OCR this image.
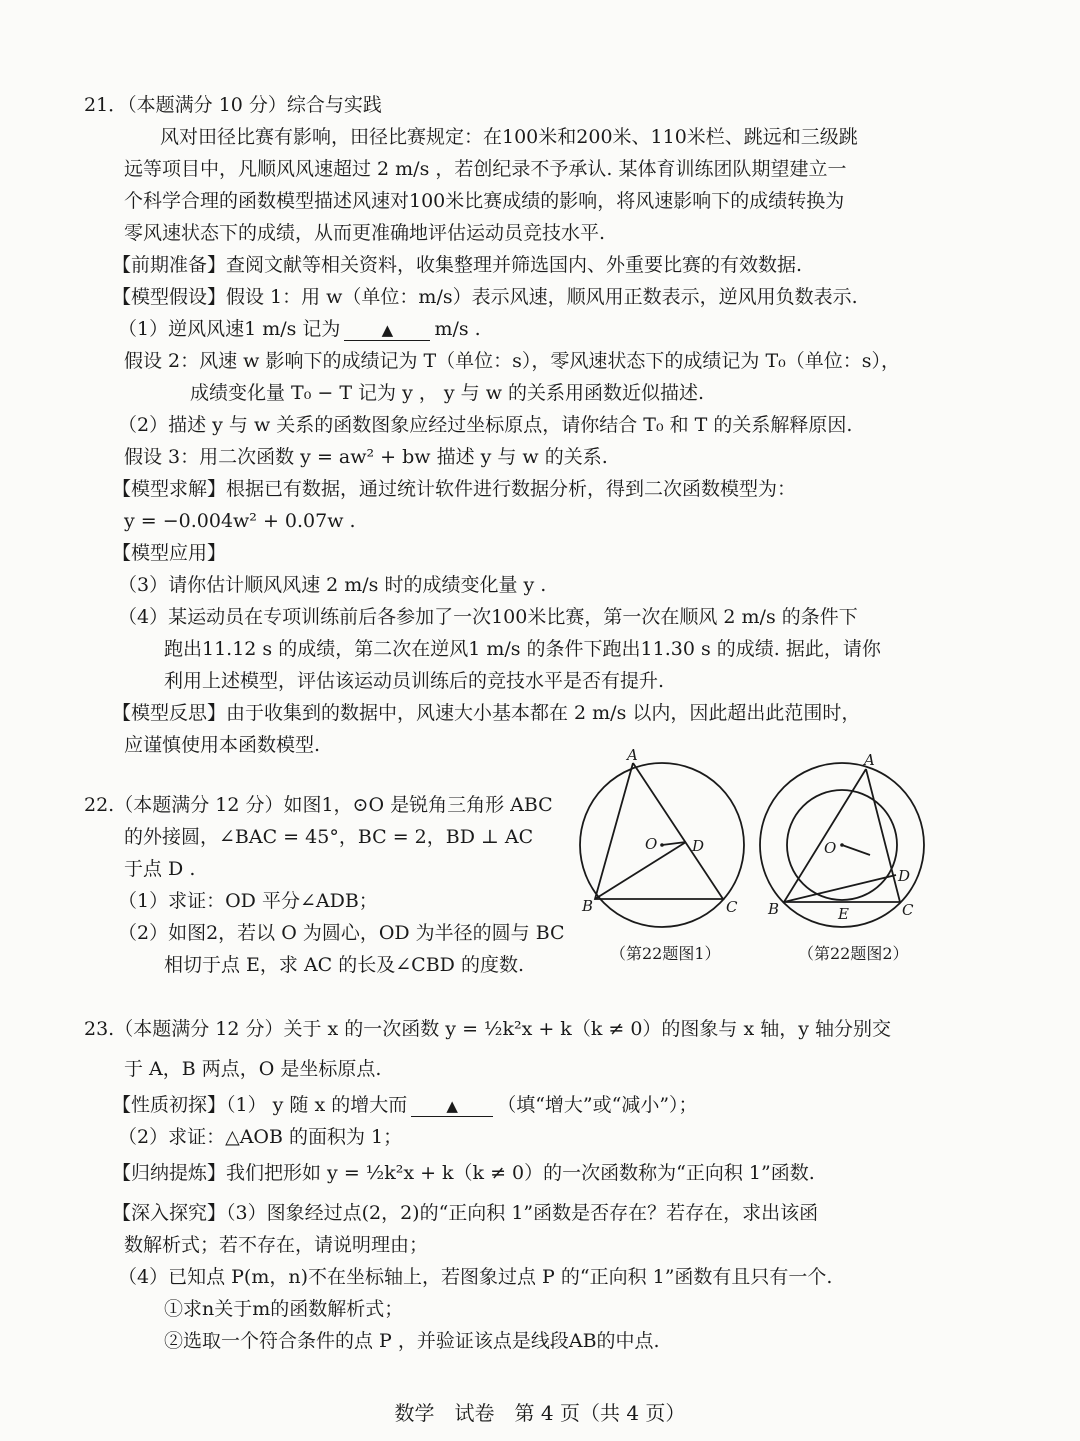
21．（本题满分 10 分）综合与实践
风对田径比赛有影响，田径比赛规定：在100米和200米、110米栏、跳远和三级跳
远等项目中，凡顺风风速超过 2 m/s ，若创纪录不予承认. 某体育训练团队期望建立一
个科学合理的函数模型描述风速对100米比赛成绩的影响，将风速影响下的成绩转换为
零风速状态下的成绩，从而更准确地评估运动员竞技水平.
【前期准备】查阅文献等相关资料，收集整理并筛选国内、外重要比赛的有效数据.
【模型假设】假设 1：用 w（单位：m/s）表示风速，顺风用正数表示，逆风用负数表示.
（1）逆风风速1 m/s 记为	▲ m/s .
假设 2：风速 w 影响下的成绩记为 T（单位：s），零风速状态下的成绩记为 T₀（单位：s），
成绩变化量 T₀ − T 记为 y ， y 与 w 的关系用函数近似描述.
（2）描述 y 与 w 关系的函数图象应经过坐标原点，请你结合 T₀ 和 T 的关系解释原因.
假设 3：用二次函数 y = aw² + bw 描述 y 与 w 的关系.
【模型求解】根据已有数据，通过统计软件进行数据分析，得到二次函数模型为：
y = −0.004w² + 0.07w .
【模型应用】
（3）请你估计顺风风速 2 m/s 时的成绩变化量 y .
（4）某运动员在专项训练前后各参加了一次100米比赛，第一次在顺风 2 m/s 的条件下
跑出11.12 s 的成绩，第二次在逆风1 m/s 的条件下跑出11.30 s 的成绩. 据此，请你
利用上述模型，评估该运动员训练后的竞技水平是否有提升.
【模型反思】由于收集到的数据中，风速大小基本都在 2 m/s 以内，因此超出此范围时，
应谨慎使用本函数模型.
22.（本题满分 12 分）如图1，⊙O 是锐角三角形 ABC
的外接圆，∠BAC = 45°，BC = 2，BD ⊥ AC
于点 D .
（1）求证：OD 平分∠ADB；
（2）如图2，若以 O 为圆心，OD 为半径的圆与 BC
相切于点 E，求 AC 的长及∠CBD 的度数.
A
B	C
D
O
（第22题图1）
A
B	C
D
O
E
（第22题图2）
23.（本题满分 12 分）关于 x 的一次函数 y = ½k²x + k（k ≠ 0）的图象与 x 轴，y 轴分别交
于 A，B 两点，O 是坐标原点.
【性质初探】（1） y 随 x 的增大而	▲ （填“增大”或“减小”）；
（2）求证：△AOB 的面积为 1；
【归纳提炼】我们把形如 y = ½k²x + k（k ≠ 0）的一次函数称为“正向积 1”函数.
【深入探究】（3）图象经过点(2，2)的“正向积 1”函数是否存在？若存在，求出该函
数解析式；若不存在，请说明理由；
（4）已知点 P(m，n)不在坐标轴上，若图象过点 P 的“正向积 1”函数有且只有一个.
①求n关于m的函数解析式；
②选取一个符合条件的点 P ，并验证该点是线段AB的中点.
数学　试卷　第 4 页（共 4 页）
